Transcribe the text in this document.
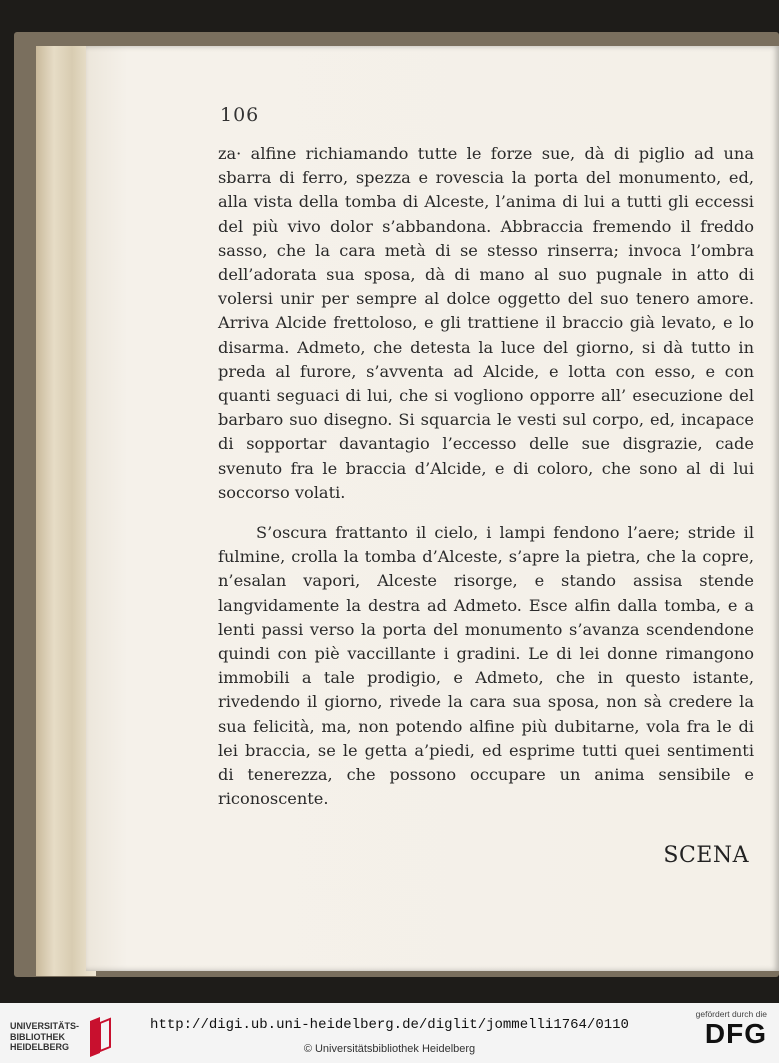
106

za· alfine richiamando tutte le forze sue, dà di piglio ad una sbarra di ferro, spezza e rovescia la porta del monumento, ed, alla vista della tomba di Alceste, l’anima di lui a tutti gli eccessi del più vivo dolor s’abbandona. Abbraccia fremendo il freddo sasso, che la cara metà di se stesso rinserra; invoca l’ombra dell’adorata sua sposa, dà di mano al suo pugnale in atto di volersi unir per sempre al dolce oggetto del suo tenero amore. Arriva Alcide frettoloso, e gli trattiene il braccio già levato, e lo disarma. Admeto, che detesta la luce del giorno, si dà tutto in preda al furore, s’avventa ad Alcide, e lotta con esso, e con quanti seguaci di lui, che si vogliono opporre all’ esecuzione del barbaro suo disegno. Si squarcia le vesti sul corpo, ed, incapace di sopportar davantagio l’eccesso delle sue disgrazie, cade svenuto fra le braccia d’Alcide, e di coloro, che sono al di lui soccorso volati.

S’oscura frattanto il cielo, i lampi fendono l’aere; stride il fulmine, crolla la tomba d’Alceste, s’apre la pietra, che la copre, n’esalan vapori, Alceste risorge, e stando assisa stende langvidamente la destra ad Admeto. Esce alfin dalla tomba, e a lenti passi verso la porta del monumento s’avanza scendendone quindi con piè vaccillante i gradini. Le di lei donne rimangono immobili a tale prodigio, e Admeto, che in questo istante, rivedendo il giorno, rivede la cara sua sposa, non sà credere la sua felicità, ma, non potendo alfine più dubitarne, vola fra le di lei braccia, se le getta a’piedi, ed esprime tutti quei sentimenti di tenerezza, che possono occupare un anima sensibile e riconoscente.

SCENA
UNIVERSITÄTS-
BIBLIOTHEK
HEIDELBERG
http://digi.ub.uni-heidelberg.de/diglit/jommelli1764/0110
© Universitätsbibliothek Heidelberg
gefördert durch die
DFG
